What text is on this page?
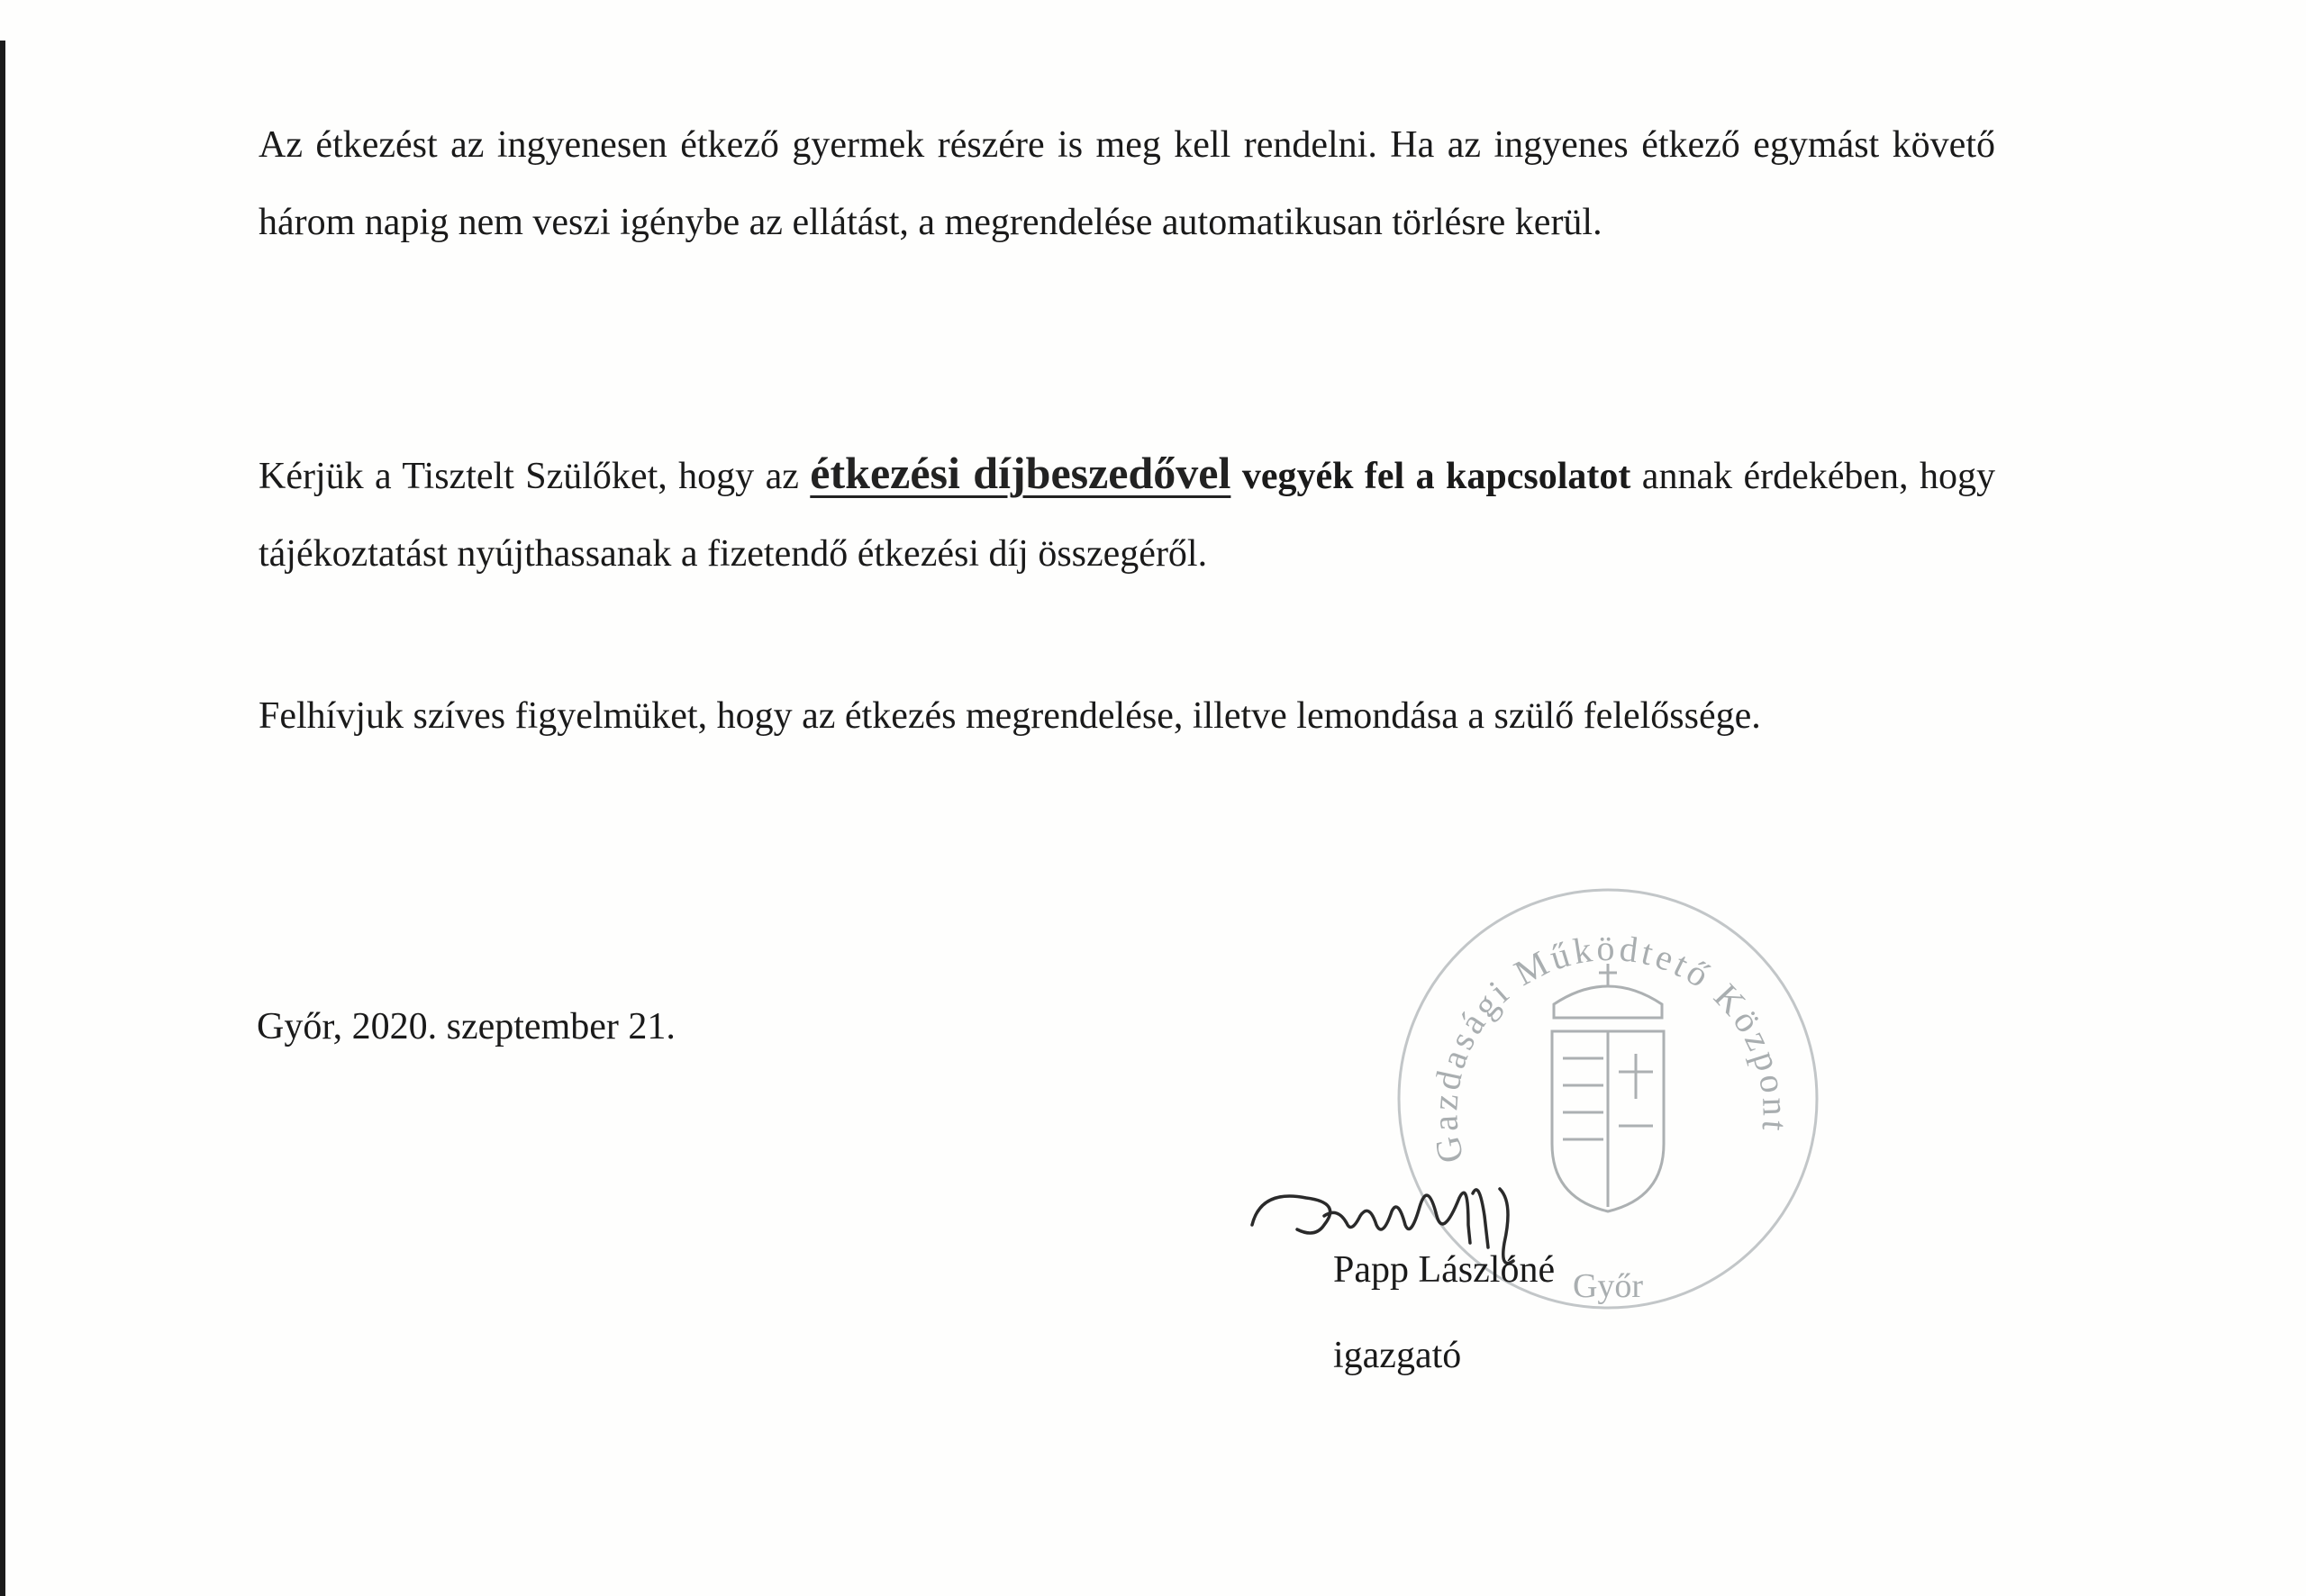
Az étkezést az ingyenesen étkező gyermek részére is meg kell rendelni. Ha az ingyenes étkező egymást követő három napig nem veszi igénybe az ellátást, a megrendelése automatikusan törlésre kerül.

Kérjük a Tisztelt Szülőket, hogy az étkezési díjbeszedővel vegyék fel a kapcsolatot annak érdekében, hogy tájékoztatást nyújthassanak a fizetendő étkezési díj összegéről.

Felhívjuk szíves figyelmüket, hogy az étkezés megrendelése, illetve lemondása a szülő felelőssége.

Győr, 2020. szeptember 21.

Gazdasági Működtető Központ
Győr

Papp Lászlóné

igazgató
